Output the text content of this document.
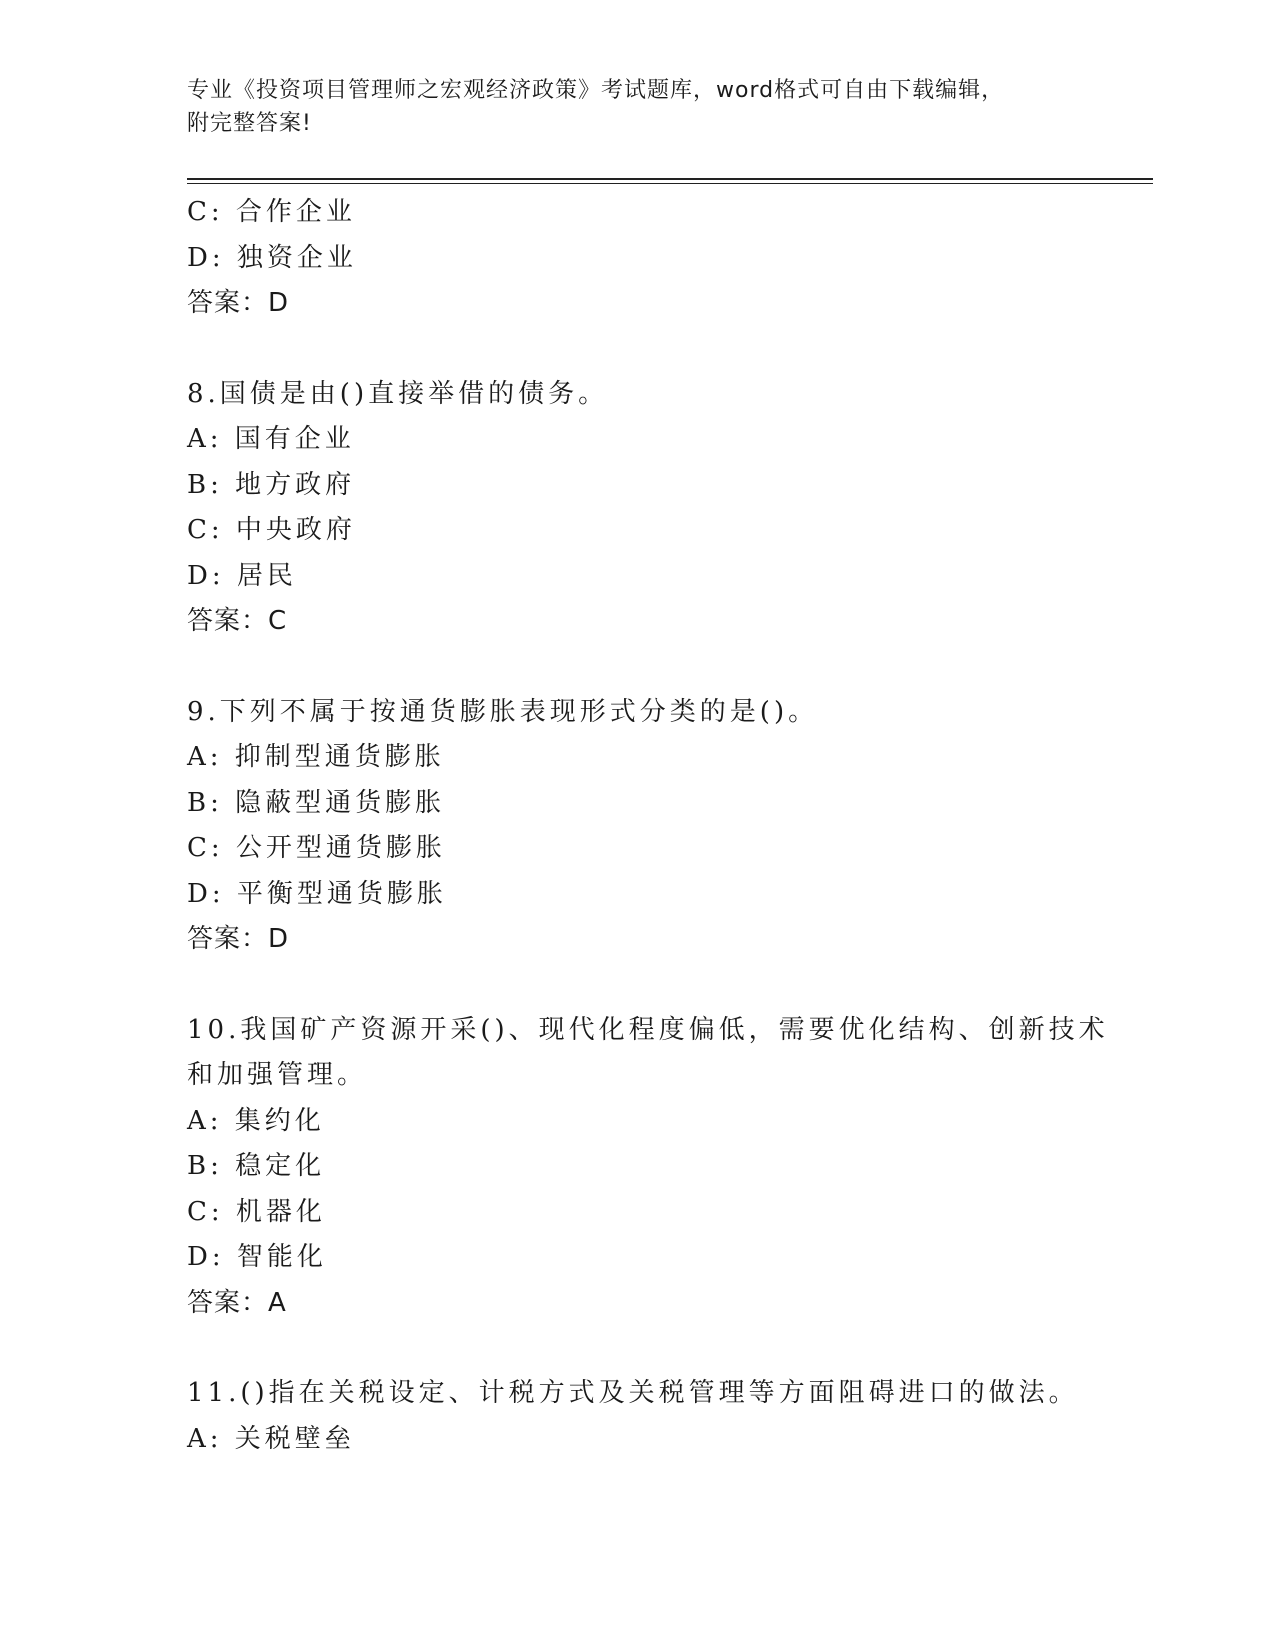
专业《投资项目管理师之宏观经济政策》考试题库，word格式可自由下载编辑，
附完整答案!
C: 合作企业
D: 独资企业
答案：D
8.国债是由()直接举借的债务。
A: 国有企业
B: 地方政府
C: 中央政府
D: 居民
答案：C
9.下列不属于按通货膨胀表现形式分类的是()。
A: 抑制型通货膨胀
B: 隐蔽型通货膨胀
C: 公开型通货膨胀
D: 平衡型通货膨胀
答案：D
10.我国矿产资源开采()、现代化程度偏低，需要优化结构、创新技术
和加强管理。
A: 集约化
B: 稳定化
C: 机器化
D: 智能化
答案：A
11.()指在关税设定、计税方式及关税管理等方面阻碍进口的做法。
A: 关税壁垒
